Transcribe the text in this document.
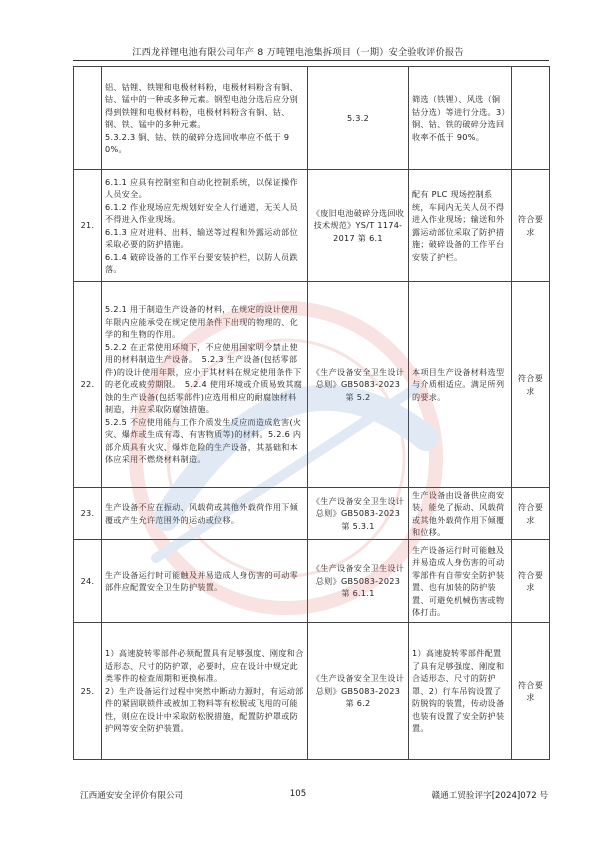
江西龙祥锂电池有限公司年产 8 万吨锂电池集拆项目（一期）安全验收评价报告

	铝、钴锂、铁锂和电极材料粉，电极材料粉含有铜、钴、锰中的一种或多种元素。钢型电池分选后应分别得到铁锂和电极材料粉，电极材料粉含有铜、钴、钢、铁、锰中的多种元素。
5.3.2.3 铜、钴、铁的破碎分选回收率应不低于 90%。	5.3.2	筛选（铁锂）、风选（铜钴分选）等进行分选。3）铜、钴、铁的破碎分选回收率不低于 90%。	

21.	6.1.1 应具有控制室和自动化控制系统，以保证操作人员安全。
6.1.2 作业现场应先规划好安全人行通道，无关人员不得进入作业现场。
6.1.3 应对进料、出料、输送等过程和外露运动部位采取必要的防护措施。
6.1.4 破碎设备的工作平台要安装护栏，以防人员跌落。	《废旧电池破碎分选回收技术规范》YS/T 1174-2017 第 6.1	配有 PLC 现场控制系统，车间内无关人员不得进入作业现场；输送和外露运动部位采取了防护措施；破碎设备的工作平台安装了护栏。	符合要求
22.	5.2.1 用于制造生产设备的材料，在规定的设计使用年限内应能承受在规定使用条件下出现的物理的、化学的和生物的作用。
5.2.2 在正常使用环境下，不应使用国家明令禁止使用的材料制造生产设备。　5.2.3 生产设备(包括零部件)的设计使用年限，应小于其材料在规定使用条件下的老化或疲劳期限。　5.2.4 使用环境或介质易致其腐蚀的生产设备(包括零部件)应选用相应的耐腐蚀材料制造，并应采取防腐蚀措施。
5.2.5 不应使用能与工作介质发生反应而造成危害(火灾、爆炸或生成有毒、有害物质等)的材料。5.2.6 内部介质具有火灾、爆炸危险的生产设备，其基础和本体应采用不燃烧材料制造。	《生产设备安全卫生设计总则》GB5083-2023 第 5.2	本项目生产设备材料选型与介质相适应。满足所列的要求。	符合要求
23.	生产设备不应在振动、风载荷或其他外载荷作用下倾覆或产生允许范围外的运动或位移。	《生产设备安全卫生设计总则》GB5083-2023 第 5.3.1	生产设备由设备供应商安装，能免了振动、风载荷或其他外载荷作用下倾覆和位移。	符合要求
24.	生产设备运行时可能触及并易造成人身伤害的可动零部件应配置安全卫生防护装置。	《生产设备安全卫生设计总则》GB5083-2023 第 6.1.1	生产设备运行时可能触及并易造成人身伤害的可动零部件有自带安全防护装置、也有加装的防护装置、可避免机械伤害或物体打击。	符合要求
25.	1）高速旋转零部件必须配置具有足够强度、刚度和合适形态、尺寸的防护罩，必要时，应在设计中规定此类零件的检查周期和更换标准。
2）生产设备运行过程中突然中断动力源时，有运动部件的紧固联锁件或被加工物料等有松脱或飞甩的可能性，则应在设计中采取防松脱措施，配置防护罩或防护网等安全防护装置。	《生产设备安全卫生设计总则》GB5083-2023 第 6.2	1）高速旋转零部件配置了具有足够强度、刚度和合适形态、尺寸的防护罩、2）行车吊钩设置了防脱钩的装置，传动设备也装有设置了安全防护装置。	符合要求
江西通安安全评价有限公司	105	赣通工贸验评字[2024]072 号
